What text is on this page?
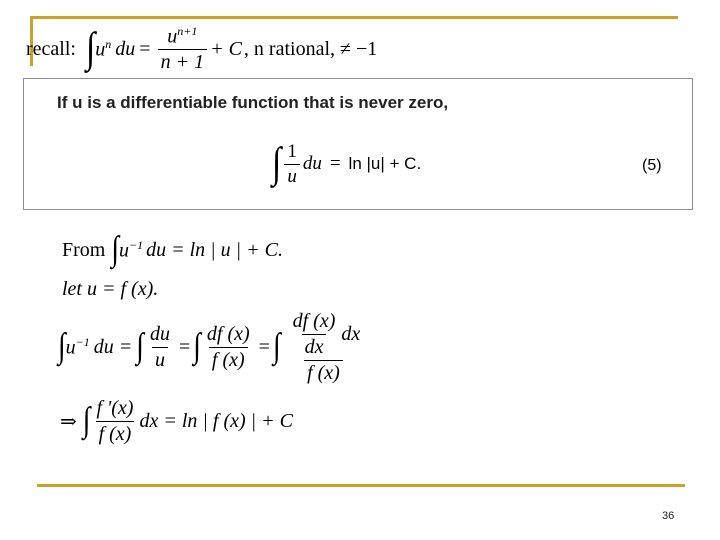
recall: ∫ $u^n$ du = $\frac{u^{n+1}}{n + 1} + C$ , n rational, ≠ −1
If u is a differentiable function that is never zero,
∫ $\frac{1}{u}$ du = ln |u| + C.	(5)
From ∫ $u^{-1}$ du = ln | u | + C.
let u = f (x).
∫ $u^{-1}$ du = ∫ $\frac{du}{u}$ = ∫ $\frac{df (x)}{f (x)}$ = ∫ $\frac{\frac{df (x)}{dx} dx}{f (x)}$
⇒ ∫ $\frac{f '(x)}{f (x)}$ dx = ln | f (x) | + C
36
